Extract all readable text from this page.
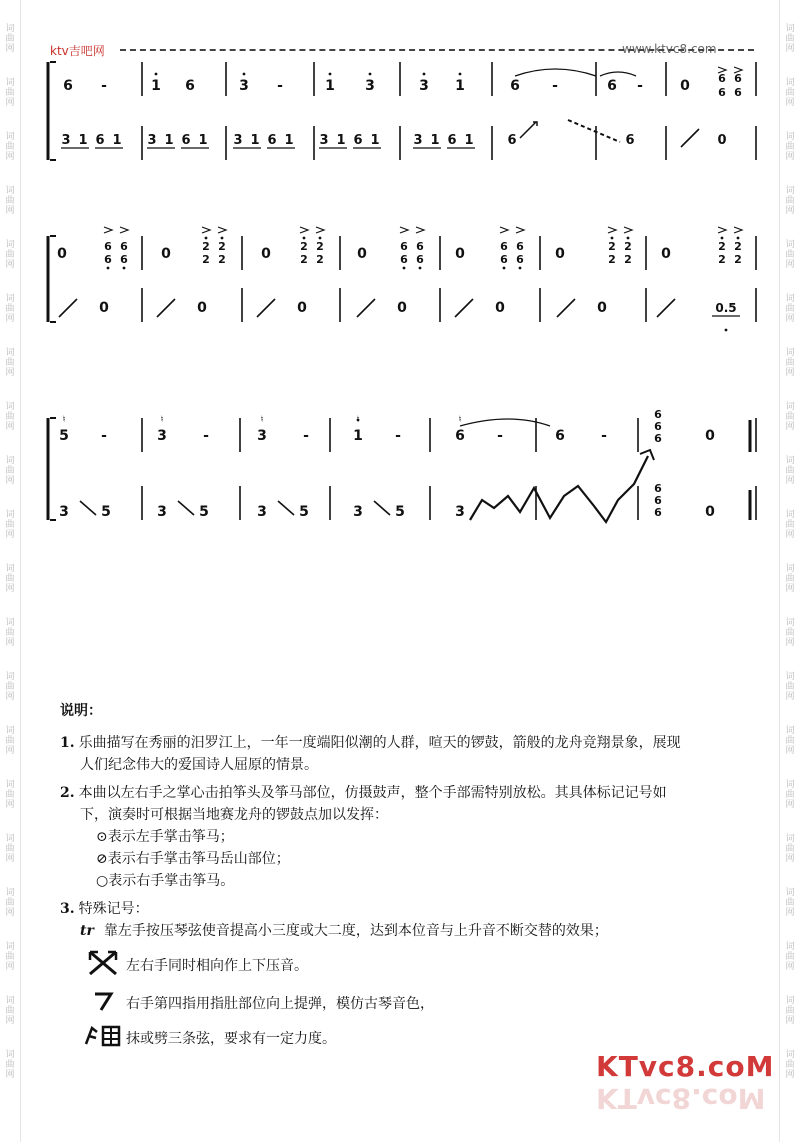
词
曲
网
词
曲
网
词
曲
网
词
曲
网
词
曲
网
词
曲
网
词
曲
网
词
曲
网
词
曲
网
词
曲
网
词
曲
网
词
曲
网
词
曲
网
词
曲
网
词
曲
网
词
曲
网
词
曲
网
词
曲
网
词
曲
网
词
曲
网
词
曲
网
词
曲
网
词
曲
网
词
曲
网
词
曲
网
词
曲
网
词
曲
网
词
曲
网
词
曲
网
词
曲
网
词
曲
网
词
曲
网
词
曲
网
词
曲
网
词
曲
网
词
曲
网
词
曲
网
词
曲
网
词
曲
网
词
曲
网
ktv吉吧网	www.ktvc8.com
6 -	1 6	3 -	1 3	3 1	6 -	6 -	0	6 6
6 6
3 1 6 1 3 1 6 1 3 1 6 1 3 1 6 1	3 1 6 1	6	6	0
0	6 6
6 6 0	2 2
2 2	0	2 2
2 2 0	6 6
6 6 0	6 6
6 6 0	2 2
2 2 0	2 2
2 2
0	0	0	0	0	0	0.5
5 -	3	-	3	-	1 -	6 -	6	-
♮	♮	♮	♮	6
6
6	0
3 5	3 5	3 5	3 5	3
6
6
6	0
说明：
1. 乐曲描写在秀丽的汨罗江上，一年一度端阳似潮的人群，喧天的锣鼓，箭般的龙舟竞翔景象，展现
人们纪念伟大的爱国诗人屈原的情景。
2. 本曲以左右手之掌心击拍筝头及筝马部位，仿摄鼓声，整个手部需特别放松。其具体标记记号如
下，演奏时可根据当地赛龙舟的锣鼓点加以发挥：
⊙表示左手掌击筝马；
⊘表示右手掌击筝马岳山部位；
○表示右手掌击筝马。
3. 特殊记号：
tr 靠左手按压琴弦使音提高小三度或大二度，达到本位音与上升音不断交替的效果；
左右手同时相向作上下压音。
右手第四指用指肚部位向上提弹，模仿古琴音色，
抹或劈三条弦，要求有一定力度。
KTvc8.coM
KTvc8.coM
